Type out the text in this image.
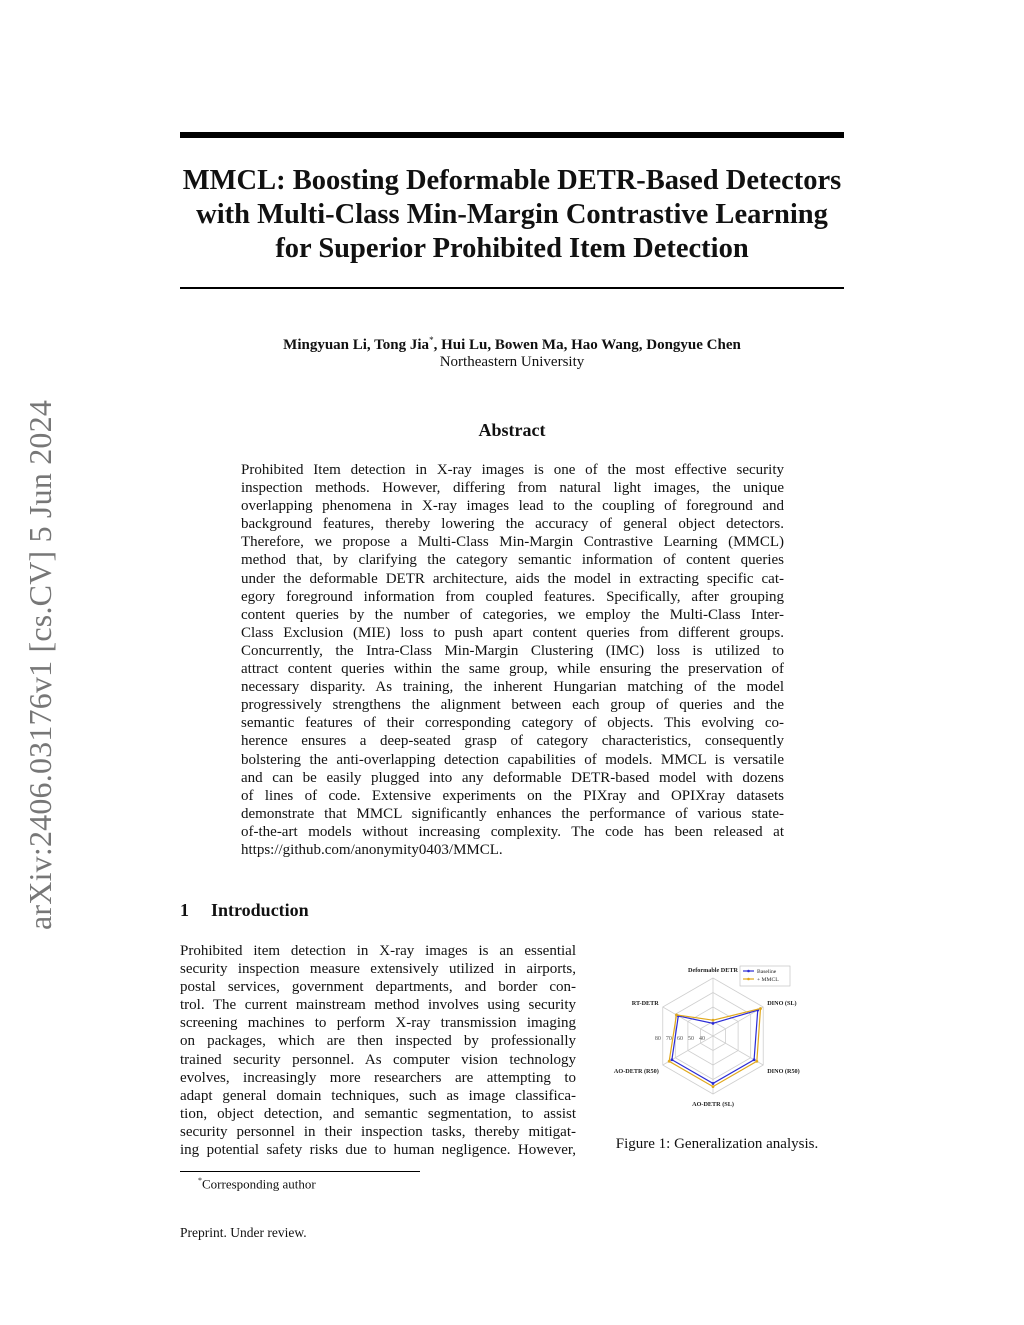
arXiv:2406.03176v1 [cs.CV] 5 Jun 2024
MMCL: Boosting Deformable DETR-Based Detectors
with Multi-Class Min-Margin Contrastive Learning
for Superior Prohibited Item Detection
Mingyuan Li, Tong Jia*, Hui Lu, Bowen Ma, Hao Wang, Dongyue Chen
Northeastern University
Abstract
Prohibited Item detection in X-ray images is one of the most effective security
inspection methods. However, differing from natural light images, the unique
overlapping phenomena in X-ray images lead to the coupling of foreground and
background features, thereby lowering the accuracy of general object detectors.
Therefore, we propose a Multi-Class Min-Margin Contrastive Learning (MMCL)
method that, by clarifying the category semantic information of content queries
under the deformable DETR architecture, aids the model in extracting specific cat-
egory foreground information from coupled features. Specifically, after grouping
content queries by the number of categories, we employ the Multi-Class Inter-
Class Exclusion (MIE) loss to push apart content queries from different groups.
Concurrently, the Intra-Class Min-Margin Clustering (IMC) loss is utilized to
attract content queries within the same group, while ensuring the preservation of
necessary disparity. As training, the inherent Hungarian matching of the model
progressively strengthens the alignment between each group of queries and the
semantic features of their corresponding category of objects. This evolving co-
herence ensures a deep-seated grasp of category characteristics, consequently
bolstering the anti-overlapping detection capabilities of models. MMCL is versatile
and can be easily plugged into any deformable DETR-based model with dozens
of lines of code. Extensive experiments on the PIXray and OPIXray datasets
demonstrate that MMCL significantly enhances the performance of various state-
of-the-art models without increasing complexity. The code has been released at
https://github.com/anonymity0403/MMCL.
1 Introduction
Prohibited item detection in X-ray images is an essential
security inspection measure extensively utilized in airports,
postal services, government departments, and border con-
trol. The current mainstream method involves using security
screening machines to perform X-ray transmission imaging
on packages, which are then inspected by professionally
trained security personnel. As computer vision technology
evolves, increasingly more researchers are attempting to
adapt general domain techniques, such as image classifica-
tion, object detection, and semantic segmentation, to assist
security personnel in their inspection tasks, thereby mitigat-
ing potential safety risks due to human negligence. However,
80 70 60 50 40
Deformable DETR
DINO (SL)
DINO (R50)
AO-DETR (SL)
AO-DETR (R50)
RT-DETR
Baseline
+ MMCL
Figure 1: Generalization analysis.
*Corresponding author
Preprint. Under review.
